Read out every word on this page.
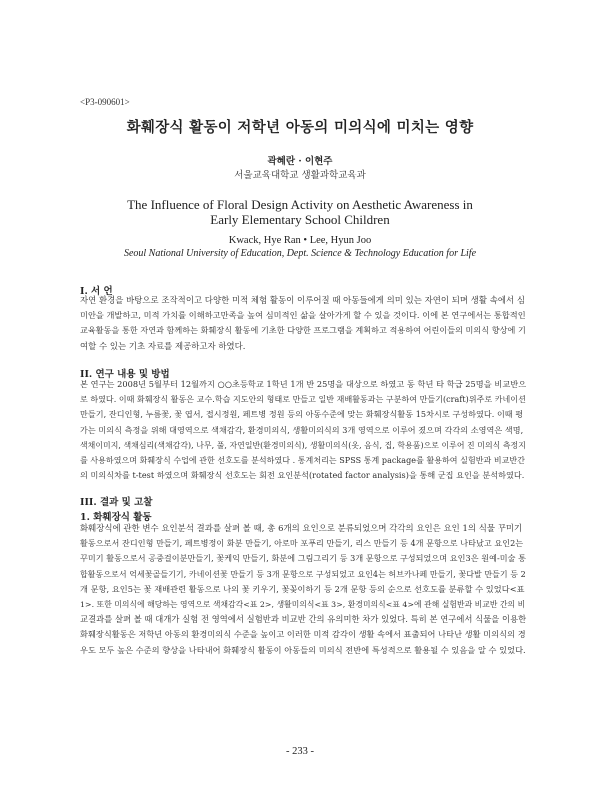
<P3-090601>
화훼장식 활동이 저학년 아동의 미의식에 미치는 영향
곽혜란 · 이현주
서울교육대학교 생활과학교육과
The Influence of Floral Design Activity on Aesthetic Awareness in
Early Elementary School Children
Kwack, Hye Ran • Lee, Hyun Joo
Seoul National University of Education, Dept. Science & Technology Education for Life
I. 서 언
자연 환경을 바탕으로 조작적이고 다양한 미적 체험 활동이 이루어질 때 아동들에게 의미 있는 자연이 되며 생활 속에서 심
미안을 개발하고, 미적 가치를 이해하고만족을 높여 심미적인 삶을 살아가게 할 수 있을 것이다. 이에 본 연구에서는 통합적인
교육활동을 통한 자연과 함께하는 화훼장식 활동에 기초한 다양한 프로그램을 계획하고 적용하여 어린이들의 미의식 향상에 기
여할 수 있는 기초 자료를 제공하고자 하였다.
II. 연구 내용 및 방법
본 연구는 2008년 5월부터 12월까지 ○○초등학교 1학년 1개 반 25명을 대상으로 하였고 동 학년 타 학급 25명을 비교반으
로 하였다. 이때 화훼장식 활동은 교수.학습 지도안의 형태로 만들고 일반 재배활동과는 구분하여 만들기(craft)위주로 카네이션
만들기, 잔디인형, 누름꽃, 꽃 엽서, 접시정원, 페트병 정원 등의 아동수준에 맞는 화훼장식활동 15차시로 구성하였다. 이때 평
가는 미의식 측정을 위해 대영역으로 색채감각, 환경미의식, 생활미의식의 3개 영역으로 이루어 졌으며 각각의 소영역은 색명,
색채이미지, 색채심리(색채감각), 나무, 풀, 자연일반(환경미의식), 생활미의식(옷, 음식, 집, 학용품)으로 이루어 진 미의식 측정지
를 사용하였으며 화훼장식 수업에 관한 선호도를 분석하였다 . 통계처리는 SPSS 통계 package를 활용하여 실험반과 비교반간
의 미의식차를 t-test 하였으며 화훼장식 선호도는 회전 요인분석(rotated factor analysis)을 통해 군집 요인을 분석하였다.
III. 결과 및 고찰
1. 화훼장식 활동
화훼장식에 관한 변수 요인분석 결과를 살펴 볼 때, 총 6개의 요인으로 분류되었으며 각각의 요인은 요인 1의 식물 꾸미기
활동으로서 잔디인형 만들기, 페트병정이 화분 만들기, 아로마 포푸리 만들기, 리스 만들기 등 4개 문항으로 나타났고 요인2는
꾸미기 활동으로서 공중걸이분만들기, 꽃케익 만들기, 화분에 그림그리기 등 3개 문항으로 구성되었으며 요인3은 원예-미술 통
합활동으로서 억세꽃골들기기, 카네이션꽃 만들기 등 3개 문항으로 구성되었고 요인4는 허브카나페 만들기, 꽃다발 만들기 등 2
개 문항, 요인5는 꽃 재배관련 활동으로 나의 꽃 키우기, 꽃꽂이하기 등 2개 문항 등의 순으로 선호도를 분류할 수 있었다<표
1>. 또한 미의식에 해당하는 영역으로 색채감각<표 2>, 생활미의식<표 3>, 환경미의식<표 4>에 관해 실험반과 비교반 간의 비
교결과를 살펴 볼 때 대개가 실험 전 영역에서 실험반과 비교반 간의 유의미한 차가 있었다. 특히 본 연구에서 식물을 이용한
화훼장식활동은 저학년 아동의 환경미의식 수준을 높이고 이러한 미적 감각이 생활 속에서 표출되어 나타난 생활 미의식의 경
우도 모두 높은 수준의 향상을 나타내어 화훼장식 활동이 아동들의 미의식 전반에 특성적으로 활용될 수 있음을 알 수 있었다.
- 233 -
